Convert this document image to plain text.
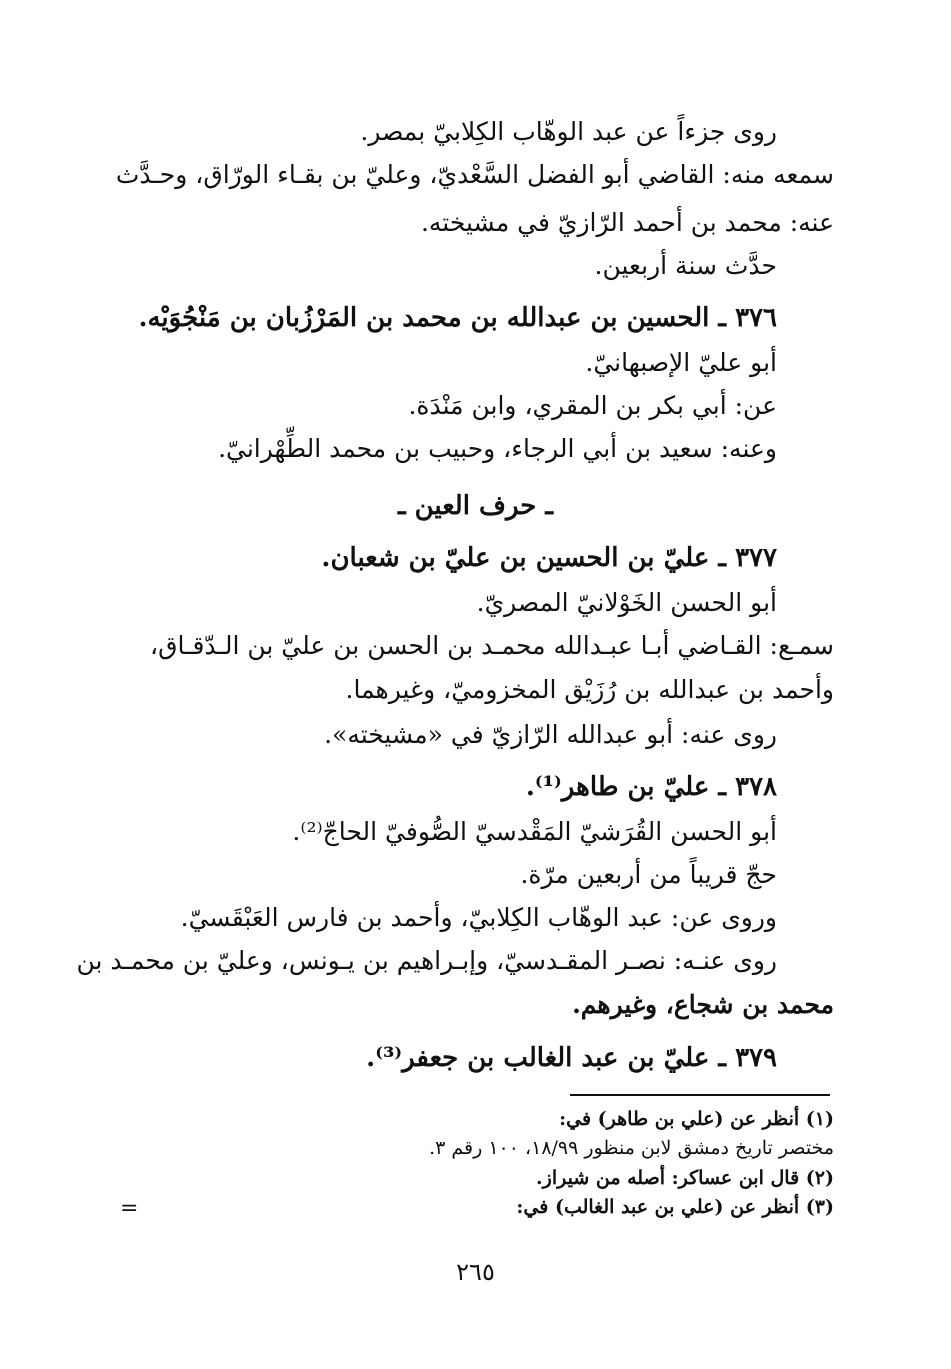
روى جزءاً عن عبد الوهّاب الكِلابيّ بمصر.
سمعه منه: القاضي أبو الفضل السَّعْديّ، وعليّ بن بقـاء الورّاق، وحـدَّث
عنه: محمد بن أحمد الرّازيّ في مشيخته.
حدَّث سنة أربعين.
٣٧٦ ـ الحسين بن عبدالله بن محمد بن المَرْزُبان بن مَنْجُوَيْه.
أبو عليّ الإصبهانيّ.
عن: أبي بكر بن المقري، وابن مَنْدَة.
وعنه: سعيد بن أبي الرجاء، وحبيب بن محمد الطِّهْرانيّ.
ـ حرف العين ـ
٣٧٧ ـ عليّ بن الحسين بن عليّ بن شعبان.
أبو الحسن الخَوْلانيّ المصريّ.
سمـع: القـاضي أبـا عبـدالله محمـد بن الحسن بن عليّ بن الـدّقـاق،
وأحمد بن عبدالله بن رُزَيْق المخزوميّ، وغيرهما.
روى عنه: أبو عبدالله الرّازيّ في «مشيخته».
٣٧٨ ـ عليّ بن طاهر⁽¹⁾.
أبو الحسن القُرَشيّ المَقْدسيّ الصُّوفيّ الحاجّ⁽²⁾.
حجّ قريباً من أربعين مرّة.
وروى عن: عبد الوهّاب الكِلابيّ، وأحمد بن فارس العَبْقَسيّ.
روى عنـه: نصـر المقـدسيّ، وإبـراهيم بن يـونس، وعليّ بن محمـد بن
محمد بن شجاع، وغيرهم.
٣٧٩ ـ عليّ بن عبد الغالب بن جعفر⁽³⁾.
(١) أنظر عن (علي بن طاهر) في:
مختصر تاريخ دمشق لابن منظور ١٨/٩٩، ١٠٠ رقم ٣.
(٢) قال ابن عساكر: أصله من شيراز.
(٣) أنظر عن (علي بن عبد الغالب) في:
=
٢٦٥
